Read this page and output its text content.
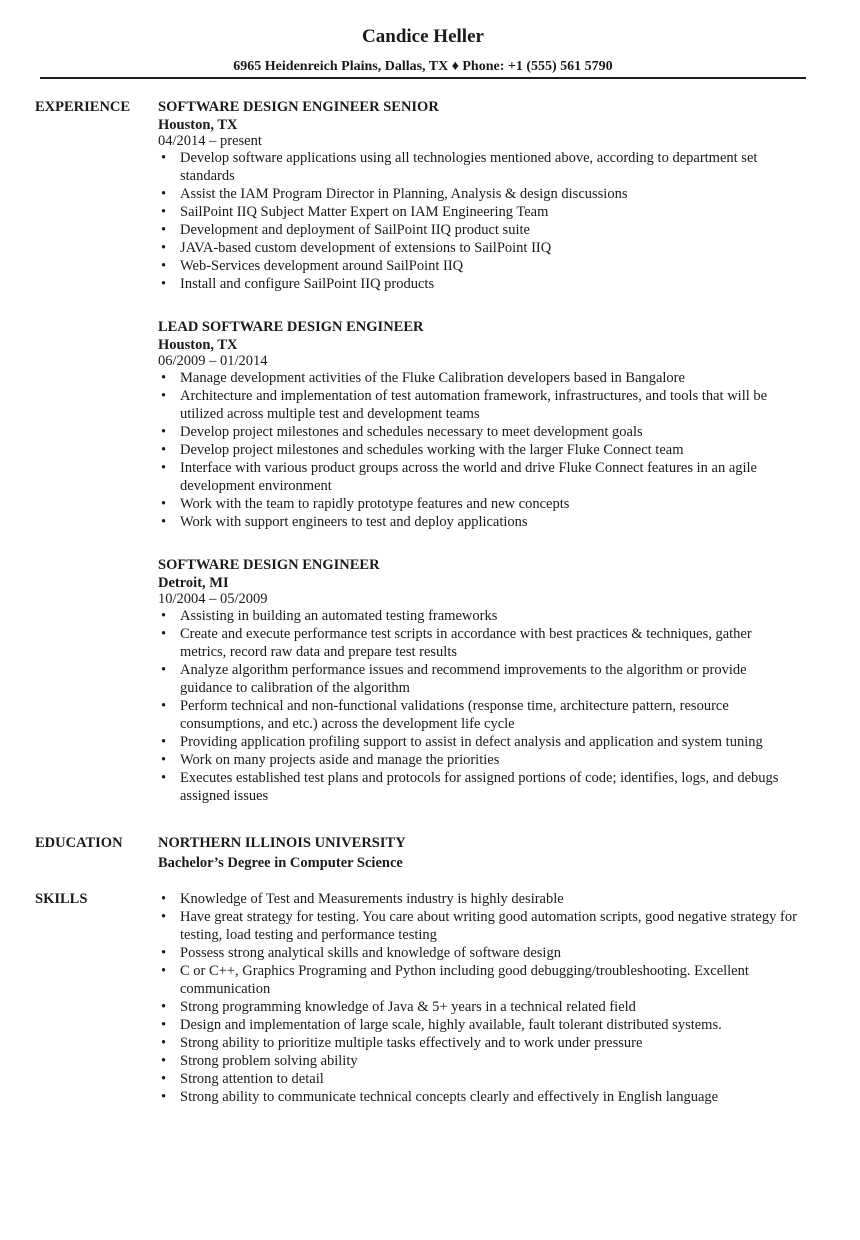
Candice Heller
6965 Heidenreich Plains, Dallas, TX ♦ Phone: +1 (555) 561 5790
EXPERIENCE SOFTWARE DESIGN ENGINEER SENIOR
Houston, TX
04/2014 – present
• Develop software applications using all technologies mentioned above, according to department set standards
• Assist the IAM Program Director in Planning, Analysis & design discussions
• SailPoint IIQ Subject Matter Expert on IAM Engineering Team
• Development and deployment of SailPoint IIQ product suite
• JAVA-based custom development of extensions to SailPoint IIQ
• Web-Services development around SailPoint IIQ
• Install and configure SailPoint IIQ products
LEAD SOFTWARE DESIGN ENGINEER
Houston, TX
06/2009 – 01/2014
• Manage development activities of the Fluke Calibration developers based in Bangalore
• Architecture and implementation of test automation framework, infrastructures, and tools that will be utilized across multiple test and development teams
• Develop project milestones and schedules necessary to meet development goals
• Develop project milestones and schedules working with the larger Fluke Connect team
• Interface with various product groups across the world and drive Fluke Connect features in an agile development environment
• Work with the team to rapidly prototype features and new concepts
• Work with support engineers to test and deploy applications
SOFTWARE DESIGN ENGINEER
Detroit, MI
10/2004 – 05/2009
• Assisting in building an automated testing frameworks
• Create and execute performance test scripts in accordance with best practices & techniques, gather metrics, record raw data and prepare test results
• Analyze algorithm performance issues and recommend improvements to the algorithm or provide guidance to calibration of the algorithm
• Perform technical and non-functional validations (response time, architecture pattern, resource consumptions, and etc.) across the development life cycle
• Providing application profiling support to assist in defect analysis and application and system tuning
• Work on many projects aside and manage the priorities
• Executes established test plans and protocols for assigned portions of code; identifies, logs, and debugs assigned issues
EDUCATION NORTHERN ILLINOIS UNIVERSITY
Bachelor’s Degree in Computer Science
SKILLS
•	Knowledge of Test and Measurements industry is highly desirable
• Have great strategy for testing. You care about writing good automation scripts, good negative strategy for testing, load testing and performance testing
• Possess strong analytical skills and knowledge of software design
• C or C++, Graphics Programing and Python including good debugging/troubleshooting. Excellent communication
• Strong programming knowledge of Java & 5+ years in a technical related field
• Design and implementation of large scale, highly available, fault tolerant distributed systems.
• Strong ability to prioritize multiple tasks effectively and to work under pressure
• Strong problem solving ability
• Strong attention to detail
• Strong ability to communicate technical concepts clearly and effectively in English language
